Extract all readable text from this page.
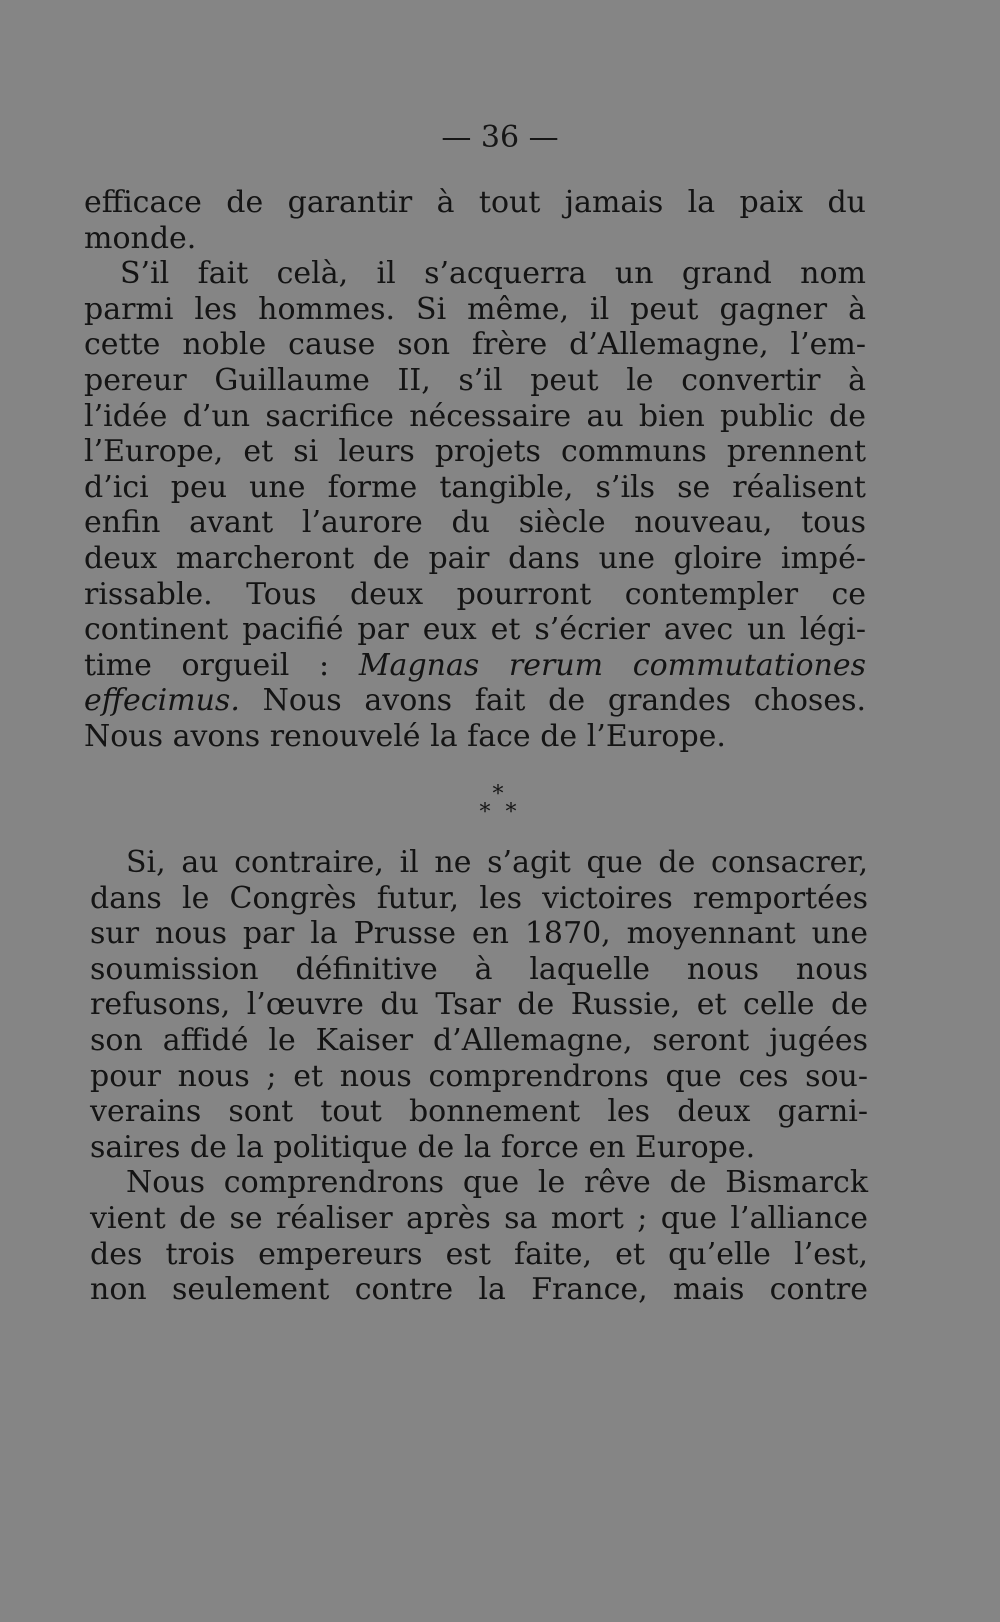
— 36 —
efficace de garantir à tout jamais la paix du
monde.
S’il fait celà, il s’acquerra un grand nom
parmi les hommes. Si même, il peut gagner à
cette noble cause son frère d’Allemagne, l’em-
pereur Guillaume II, s’il peut le convertir à
l’idée d’un sacrifice nécessaire au bien public de
l’Europe, et si leurs projets communs prennent
d’ici peu une forme tangible, s’ils se réalisent
enfin avant l’aurore du siècle nouveau, tous
deux marcheront de pair dans une gloire impé-
rissable. Tous deux pourront contempler ce
continent pacifié par eux et s’écrier avec un légi-
time orgueil : Magnas rerum commutationes
effecimus. Nous avons fait de grandes choses.
Nous avons renouvelé la face de l’Europe.
*
* *
Si, au contraire, il ne s’agit que de consacrer,
dans le Congrès futur, les victoires remportées
sur nous par la Prusse en 1870, moyennant une
soumission définitive à laquelle nous nous
refusons, l’œuvre du Tsar de Russie, et celle de
son affidé le Kaiser d’Allemagne, seront jugées
pour nous ; et nous comprendrons que ces sou-
verains sont tout bonnement les deux garni-
saires de la politique de la force en Europe.
Nous comprendrons que le rêve de Bismarck
vient de se réaliser après sa mort ; que l’alliance
des trois empereurs est faite, et qu’elle l’est,
non seulement contre la France, mais contre
